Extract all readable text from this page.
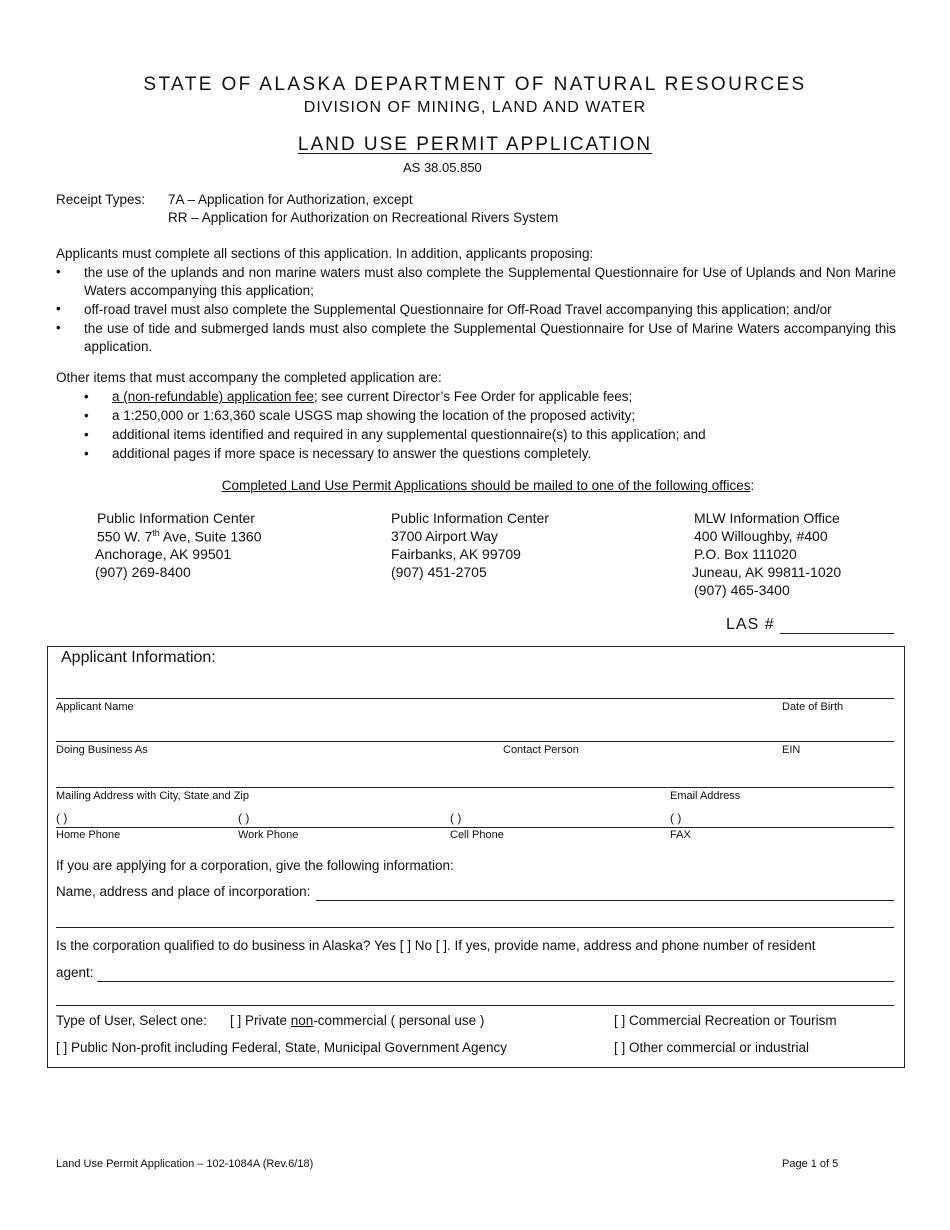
STATE OF ALASKA DEPARTMENT OF NATURAL RESOURCES
DIVISION OF MINING, LAND AND WATER
LAND USE PERMIT APPLICATION
AS 38.05.850
Receipt Types: 7A – Application for Authorization, except
RR – Application for Authorization on Recreational Rivers System
Applicants must complete all sections of this application. In addition, applicants proposing:
• the use of the uplands and non marine waters must also complete the Supplemental Questionnaire for Use of Uplands and Non Marine Waters accompanying this application;
• off-road travel must also complete the Supplemental Questionnaire for Off-Road Travel accompanying this application; and/or
• the use of tide and submerged lands must also complete the Supplemental Questionnaire for Use of Marine Waters accompanying this application.
Other items that must accompany the completed application are:
• a (non-refundable) application fee; see current Director’s Fee Order for applicable fees;
• a 1:250,000 or 1:63,360 scale USGS map showing the location of the proposed activity;
• additional items identified and required in any supplemental questionnaire(s) to this application; and
• additional pages if more space is necessary to answer the questions completely.
Completed Land Use Permit Applications should be mailed to one of the following offices:
Public Information Center
550 W. 7th Ave, Suite 1360
Anchorage, AK 99501
(907) 269-8400
Public Information Center
3700 Airport Way
Fairbanks, AK 99709
(907) 451-2705
MLW Information Office
400 Willoughby, #400
P.O. Box 111020
Juneau, AK 99811-1020
(907) 465-3400
LAS #
Applicant Information:
Applicant Name	Date of Birth
Doing Business As	Contact Person	EIN
Mailing Address with City, State and Zip	Email Address
( )	( )	( )	( )
Home Phone	Work Phone	Cell Phone	FAX
If you are applying for a corporation, give the following information:
Name, address and place of incorporation:
Is the corporation qualified to do business in Alaska? Yes [ ] No [ ]. If yes, provide name, address and phone number of resident
agent:
Type of User, Select one: [ ] Private non-commercial ( personal use )	[ ] Commercial Recreation or Tourism
[ ] Public Non-profit including Federal, State, Municipal Government Agency	[ ] Other commercial or industrial
Land Use Permit Application – 102-1084A (Rev.6/18)	Page 1 of 5
